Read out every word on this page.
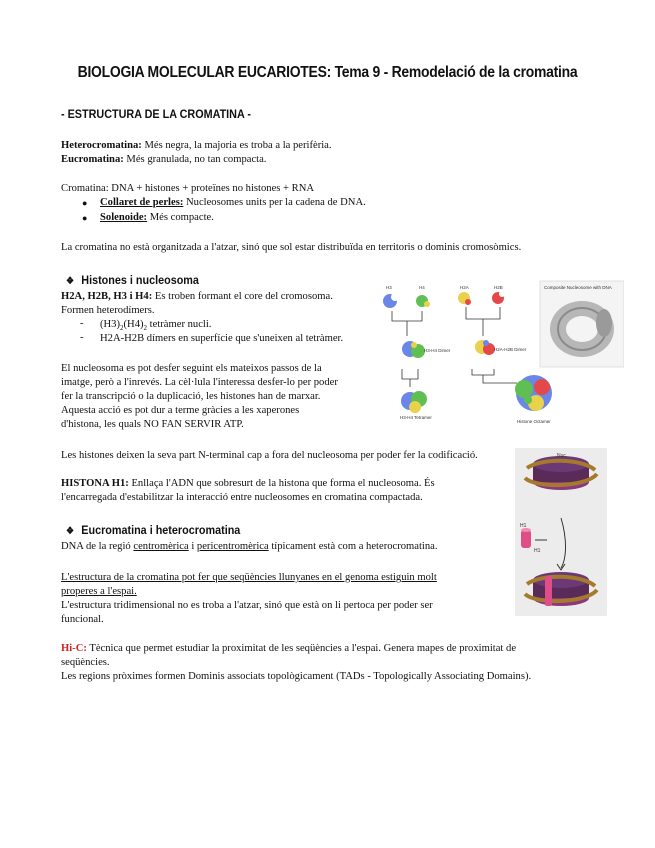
BIOLOGIA MOLECULAR EUCARIOTES: Tema 9 - Remodelació de la cromatina
- ESTRUCTURA DE LA CROMATINA -
Heterocromatina: Més negra, la majoria es troba a la perifèria.
Eucromatina: Més granulada, no tan compacta.
Cromatina: DNA + histones + proteïnes no histones + RNA
● Collaret de perles: Nucleosomes units per la cadena de DNA.
● Solenoide: Més compacte.
La cromatina no està organitzada a l'atzar, sinó que sol estar distribuïda en territoris o dominis cromosòmics.
❖ Histones i nucleosoma
H2A, H2B, H3 i H4: Es troben formant el core del cromosoma.
Formen heterodímers.
- $(H3)_2(H4)_2$ tetràmer nucli.
- H2A-H2B dímers en superfície que s'uneixen al tetràmer.
El nucleosoma es pot desfer seguint els mateixos passos de la
imatge, però a l'inrevés. La cèl·lula l'interessa desfer-lo per poder
fer la transcripció o la duplicació, les histones han de marxar.
Aquesta acció es pot dur a terme gràcies a les xaperones
d'histona, les quals NO FAN SERVIR ATP.
Les histones deixen la seva part N-terminal cap a fora del nucleosoma per poder fer la codificació.
HISTONA H1: Enllaça l'ADN que sobresurt de la histona que forma el nucleosoma. És
l'encarregada d'estabilitzar la interacció entre nucleosomes en cromatina compactada.
❖ Eucromatina i heterocromatina
DNA de la regió centromèrica i pericentromèrica típicament està com a heterocromatina.
L'estructura de la cromatina pot fer que seqüències llunyanes en el genoma estiguin molt
properes a l'espai.
L'estructura tridimensional no es troba a l'atzar, sinó que està on li pertoca per poder ser
funcional.
Hi-C: Tècnica que permet estudiar la proximitat de les seqüències a l'espai. Genera mapes de proximitat de
seqüències.
Les regions pròximes formen Dominis associats topològicament (TADs - Topologically Associating Domains).
H3	H4	H2A	H2B
H3-H4 Dimer	H2A-H2B Dimer
H3-H4 Tetramer
Histone Octamer
Composite Nucleosome with DNA
H1
Nuc
H1
